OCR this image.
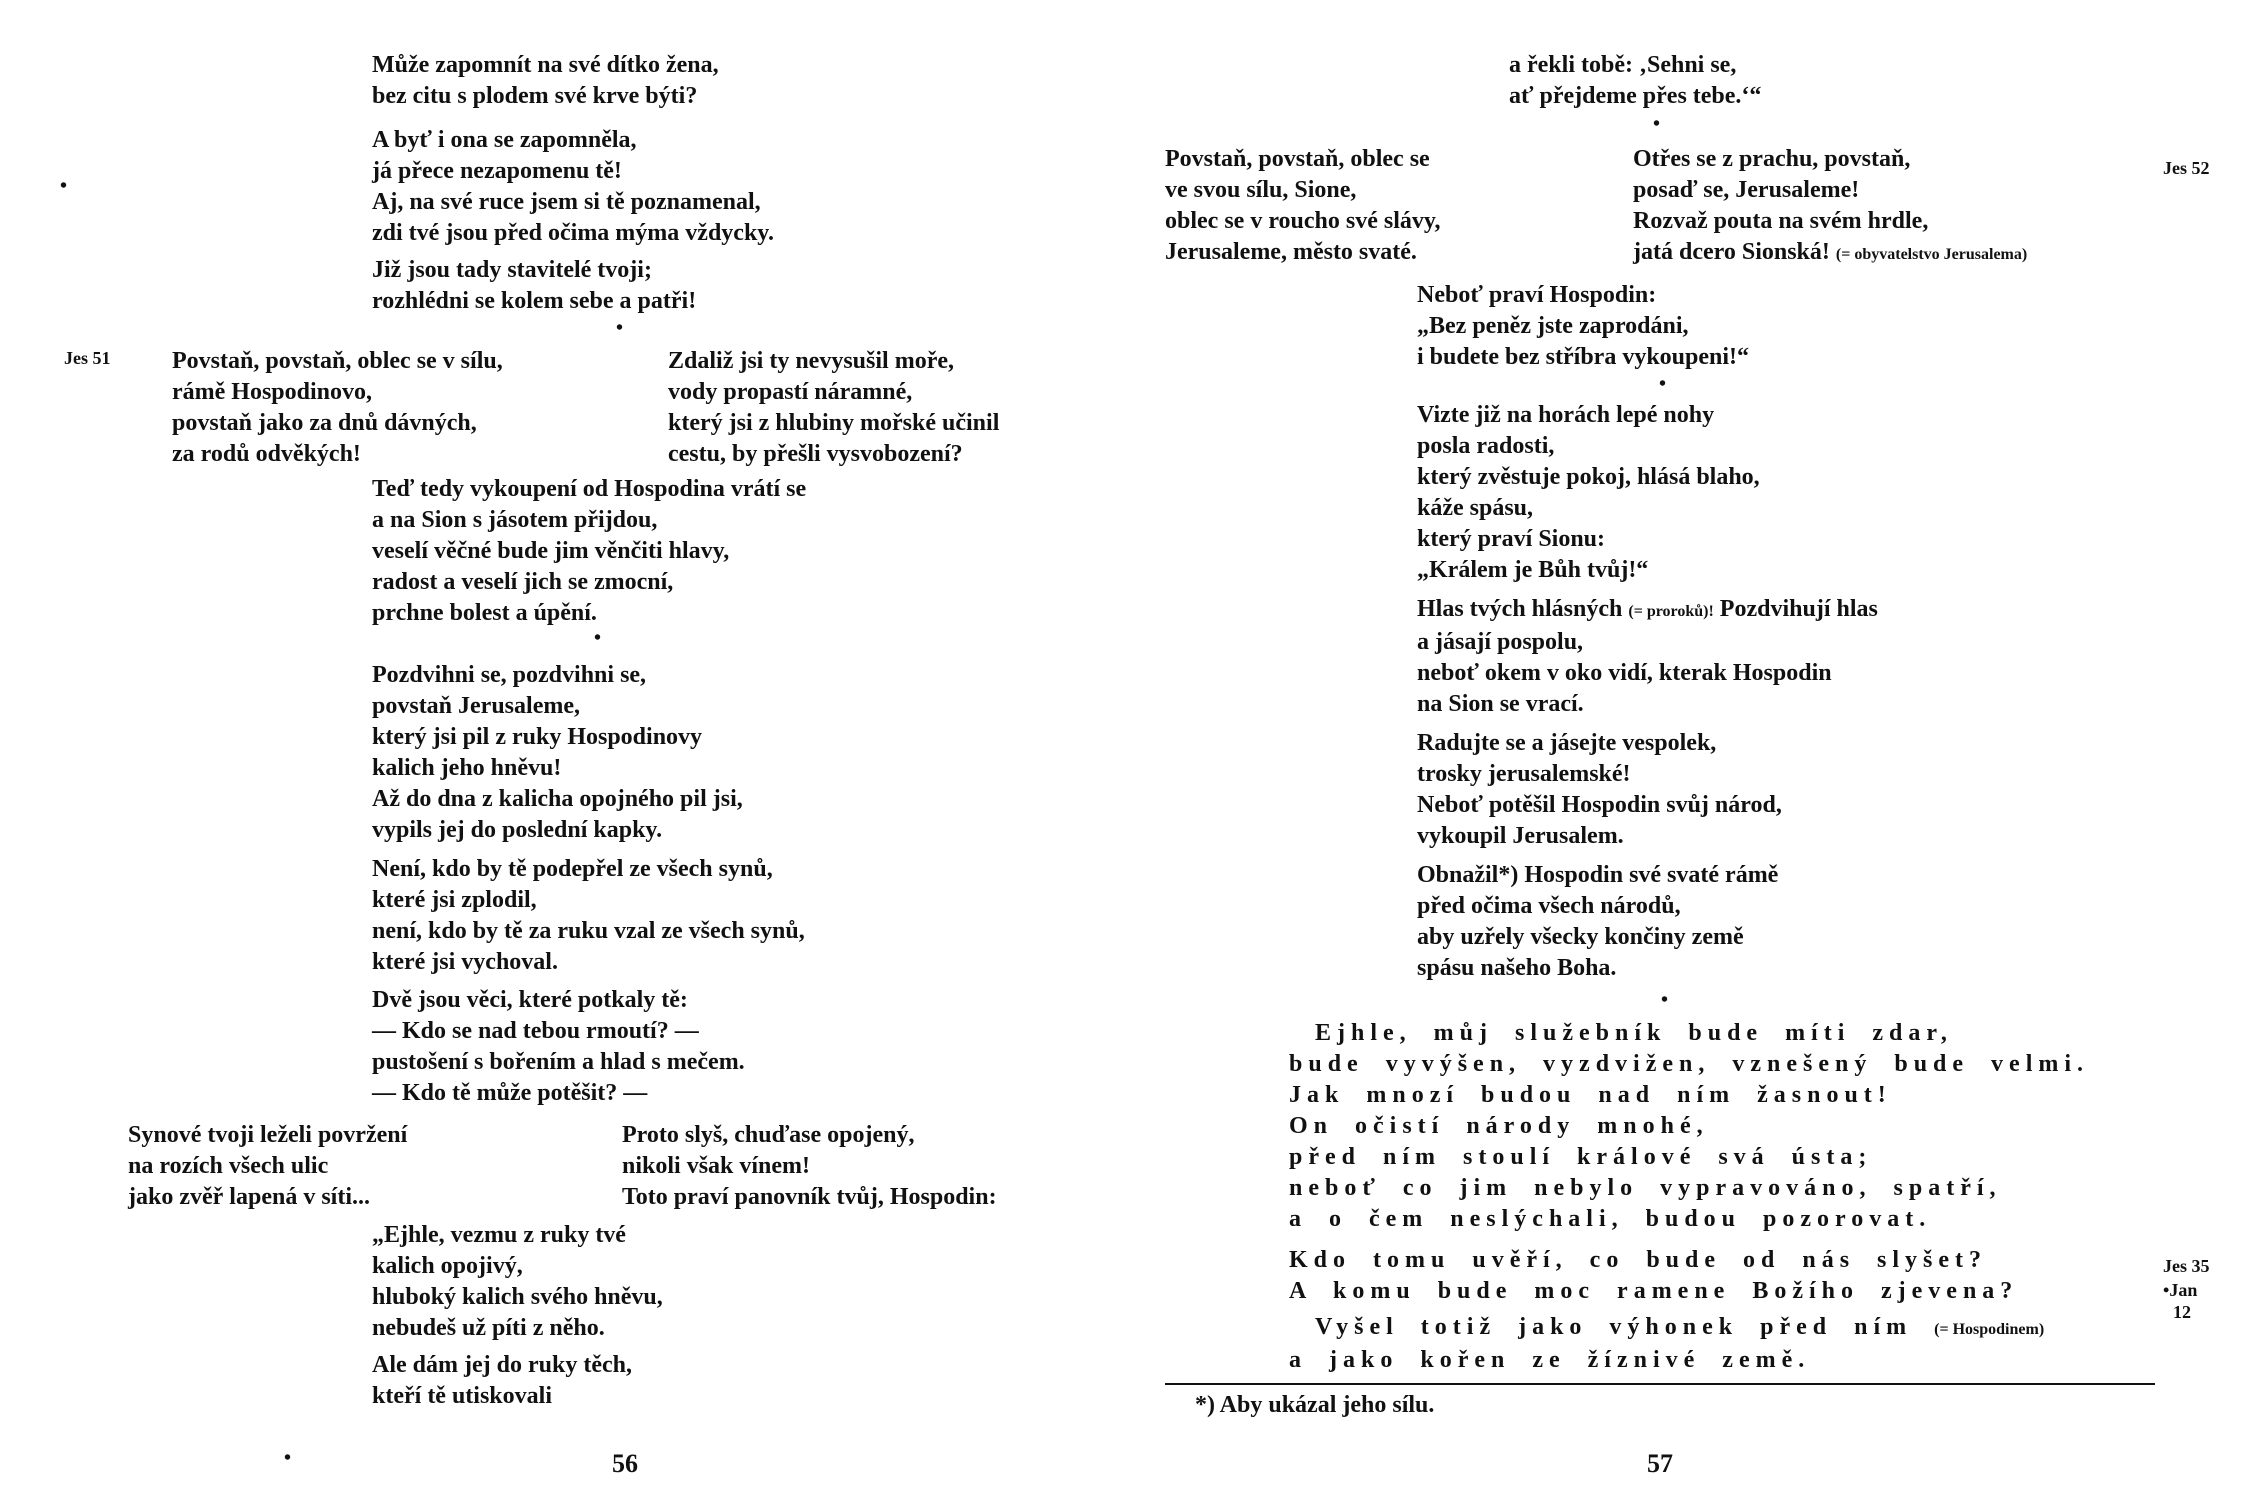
Může zapomnít na své dítko žena,
bez citu s plodem své krve býti?
A byť i ona se zapomněla,
já přece nezapomenu tě!
Aj, na své ruce jsem si tě poznamenal,
zdi tvé jsou před očima mýma vždycky.
•
Již jsou tady stavitelé tvoji;
rozhlédni se kolem sebe a patři!
•
Jes 51	Povstaň, povstaň, oblec se v sílu,
rámě Hospodinovo,
povstaň jako za dnů dávných,
za rodů odvěkých!
Zdaliž jsi ty nevysušil moře,
vody propastí náramné,
který jsi z hlubiny mořské učinil
cestu, by přešli vysvobození?
Teď tedy vykoupení od Hospodina vrátí se
a na Sion s jásotem přijdou,
veselí věčné bude jim věnčiti hlavy,
radost a veselí jich se zmocní,
prchne bolest a úpění.
•
Pozdvihni se, pozdvihni se,
povstaň Jerusaleme,
který jsi pil z ruky Hospodinovy
kalich jeho hněvu!
Až do dna z kalicha opojného pil jsi,
vypils jej do poslední kapky.
Není, kdo by tě podepřel ze všech synů,
které jsi zplodil,
není, kdo by tě za ruku vzal ze všech synů,
které jsi vychoval.
Dvě jsou věci, které potkaly tě:
— Kdo se nad tebou rmoutí? —
pustošení s bořením a hlad s mečem.
— Kdo tě může potěšit? —
Synové tvoji leželi povržení
na rozích všech ulic
jako zvěř lapená v síti...
Proto slyš, chuďase opojený,
nikoli však vínem!
Toto praví panovník tvůj, Hospodin:
„Ejhle, vezmu z ruky tvé
kalich opojivý,
hluboký kalich svého hněvu,
nebudeš už píti z něho.
Ale dám jej do ruky těch,
kteří tě utiskovali
•	56
a řekli tobě: ‚Sehni se,
ať přejdeme přes tebe.‘“
•
Povstaň, povstaň, oblec se
ve svou sílu, Sione,
oblec se v roucho své slávy,
Jerusaleme, město svaté.
Otřes se z prachu, povstaň,
posaď se, Jerusaleme!
Rozvaž pouta na svém hrdle,
jatá dcero Sionská! (= obyvatelstvo Jerusalema)
Jes 52
Neboť praví Hospodin:
„Bez peněz jste zaprodáni,
i budete bez stříbra vykoupeni!“
•
Vizte již na horách lepé nohy
posla radosti,
který zvěstuje pokoj, hlásá blaho,
káže spásu,
který praví Sionu:
„Králem je Bůh tvůj!“
Hlas tvých hlásných (= proroků)! Pozdvihují hlas
a jásají pospolu,
neboť okem v oko vidí, kterak Hospodin
na Sion se vrací.
Radujte se a jásejte vespolek,
trosky jerusalemské!
Neboť potěšil Hospodin svůj národ,
vykoupil Jerusalem.
Obnažil*) Hospodin své svaté rámě
před očima všech národů,
aby uzřely všecky končiny země
spásu našeho Boha.
•
Ejhle, můj služebník bude míti zdar,
bude vyvýšen, vyzdvižen, vznešený bude velmi.
Jak mnozí budou nad ním žasnout!
On očistí národy mnohé,
před ním stoulí králové svá ústa;
neboť co jim nebylo vypravováno, spatří,
a o čem neslýchali, budou pozorovat.
Kdo tomu uvěří, co bude od nás slyšet?
A komu bude moc ramene Božího zjevena?
Jes 35
•Jan
12
Vyšel totiž jako výhonek před ním (= Hospodinem)
a jako kořen ze žíznivé země.
*) Aby ukázal jeho sílu.
57
